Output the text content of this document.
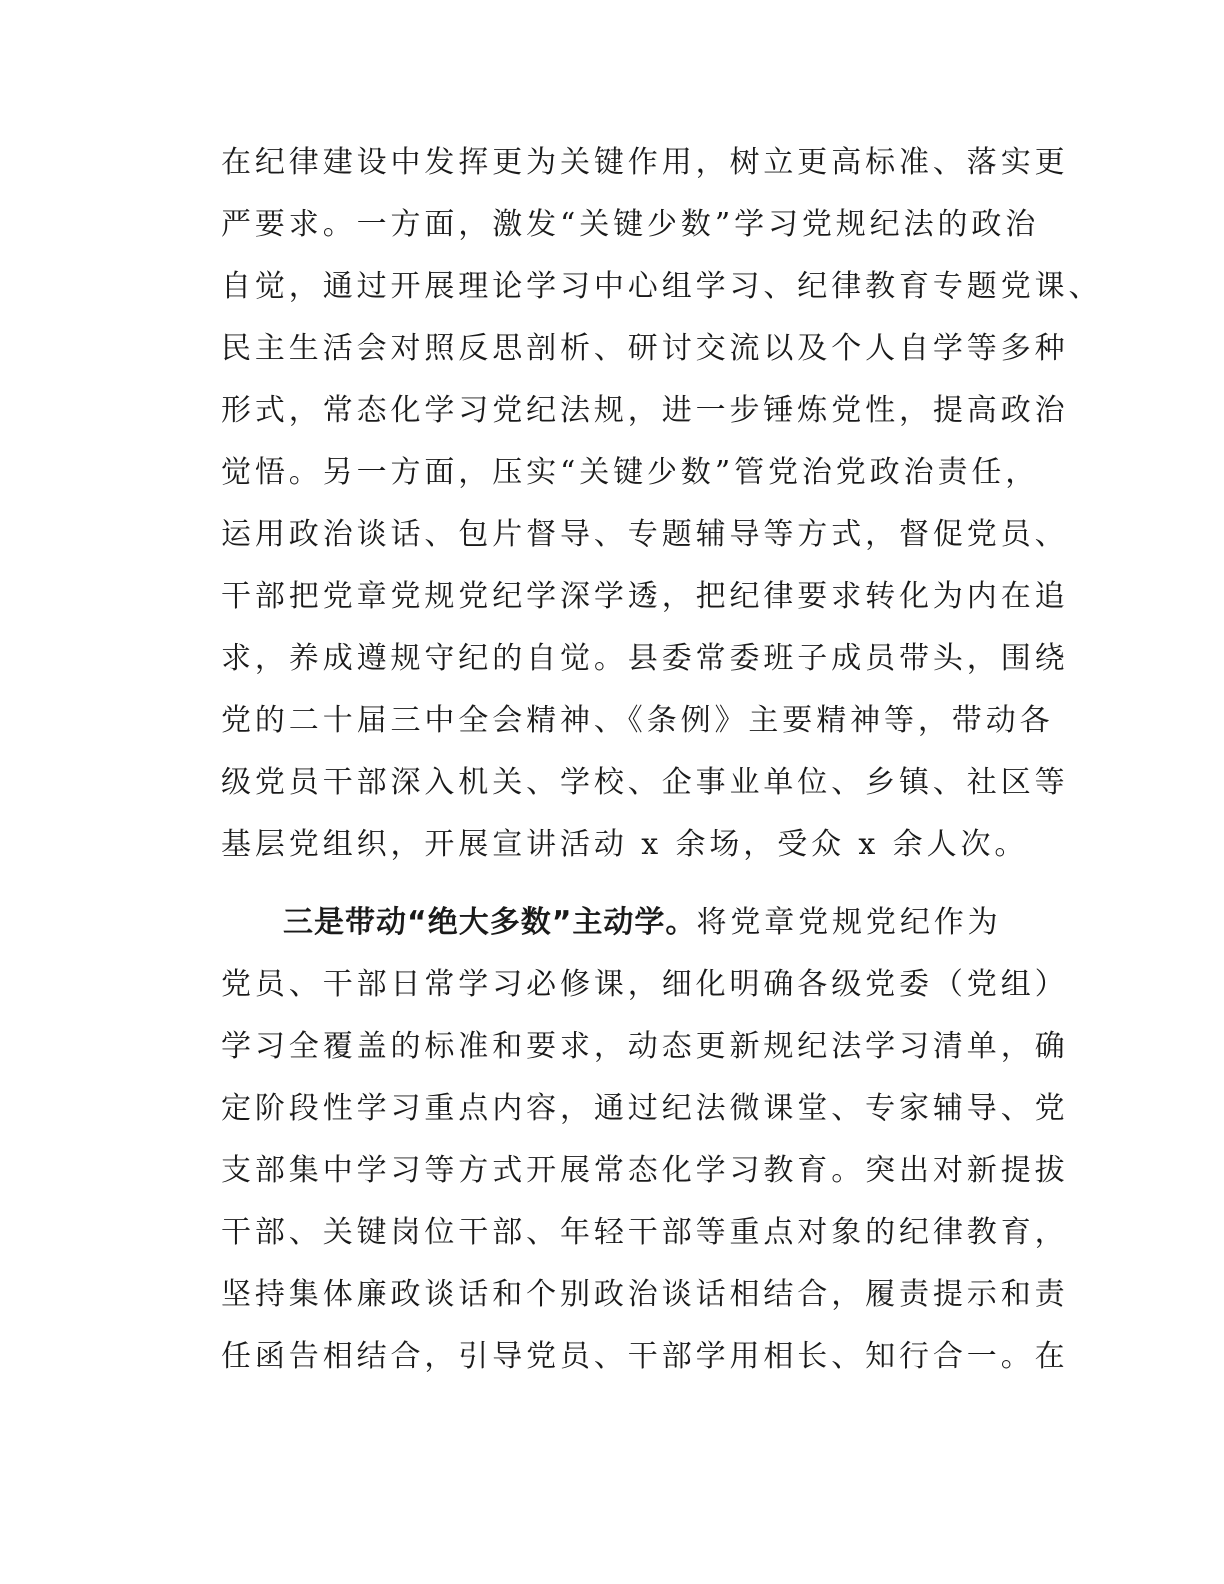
在纪律建设中发挥更为关键作用，树立更高标准、落实更
严要求。一方面，激发“关键少数”学习党规纪法的政治
自觉，通过开展理论学习中心组学习、纪律教育专题党课、
民主生活会对照反思剖析、研讨交流以及个人自学等多种
形式，常态化学习党纪法规，进一步锤炼党性，提高政治
觉悟。另一方面，压实“关键少数”管党治党政治责任，
运用政治谈话、包片督导、专题辅导等方式，督促党员、
干部把党章党规党纪学深学透，把纪律要求转化为内在追
求，养成遵规守纪的自觉。县委常委班子成员带头，围绕
党的二十届三中全会精神、《条例》主要精神等，带动各
级党员干部深入机关、学校、企事业单位、乡镇、社区等
基层党组织，开展宣讲活动 x 余场，受众 x 余人次。
三是带动“绝大多数”主动学。将党章党规党纪作为
党员、干部日常学习必修课，细化明确各级党委（党组）
学习全覆盖的标准和要求，动态更新规纪法学习清单，确
定阶段性学习重点内容，通过纪法微课堂、专家辅导、党
支部集中学习等方式开展常态化学习教育。突出对新提拔
干部、关键岗位干部、年轻干部等重点对象的纪律教育，
坚持集体廉政谈话和个别政治谈话相结合，履责提示和责
任函告相结合，引导党员、干部学用相长、知行合一。在
